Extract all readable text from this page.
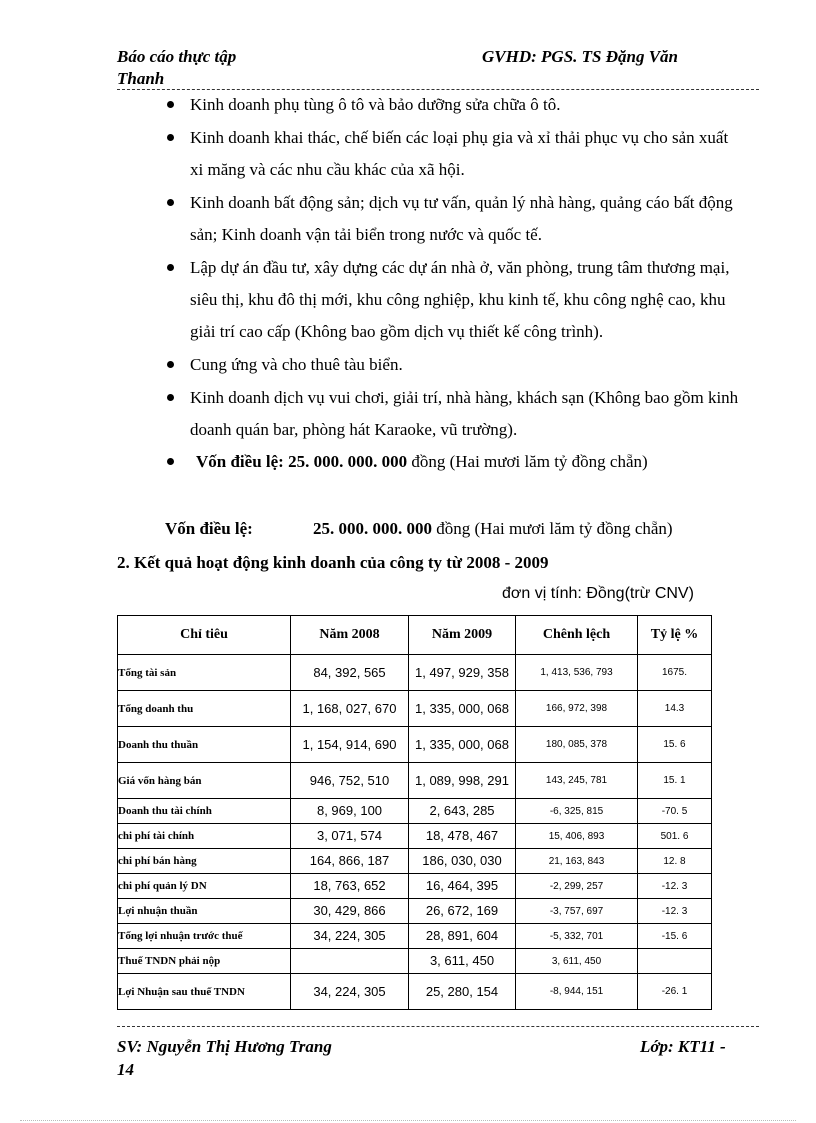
Báo cáo thực tập	GVHD: PGS. TS Đặng Văn
Thanh
Kinh doanh phụ tùng ô tô và bảo dưỡng sửa chữa ô tô.
Kinh doanh khai thác, chế biến các loại phụ gia và xỉ thải phục vụ cho sản xuất xi măng và các nhu cầu khác của xã hội.
Kinh doanh bất động sản; dịch vụ tư vấn, quản lý nhà hàng, quảng cáo bất động sản; Kinh doanh vận tải biển trong nước và quốc tế.
Lập dự án đầu tư, xây dựng các dự án nhà ở, văn phòng, trung tâm thương mại, siêu thị, khu đô thị mới, khu công nghiệp, khu kinh tế, khu công nghệ cao, khu giải trí cao cấp (Không bao gồm dịch vụ thiết kế công trình).
Cung ứng và cho thuê tàu biển.
Kinh doanh dịch vụ vui chơi, giải trí, nhà hàng, khách sạn (Không bao gồm kinh doanh quán bar, phòng hát Karaoke, vũ trường).
Vốn điều lệ: 25. 000. 000. 000 đồng (Hai mươi lăm tỷ đồng chẵn)
Vốn điều lệ:	25. 000. 000. 000 đồng (Hai mươi lăm tỷ đồng chẵn)
2. Kết quả hoạt động kinh doanh của công ty từ 2008 - 2009
đơn vị tính: Đồng(trừ CNV)
Chỉ tiêu	Năm 2008	Năm 2009	Chênh lệch	Tỷ lệ %
Tổng tài sản	84, 392, 565	1, 497, 929, 358	1, 413, 536, 793	1675.
Tổng doanh thu	1, 168, 027, 670	1, 335, 000, 068	166, 972, 398	14.3
Doanh thu thuần	1, 154, 914, 690	1, 335, 000, 068	180, 085, 378	15. 6
Giá vốn hàng bán	946, 752, 510	1, 089, 998, 291	143, 245, 781	15. 1
Doanh thu tài chính	8, 969, 100	2, 643, 285	-6, 325, 815	-70. 5
chi phí tài chính	3, 071, 574	18, 478, 467	15, 406, 893	501. 6
chi phí bán hàng	164, 866, 187	186, 030, 030	21, 163, 843	12. 8
chi phí quản lý DN	18, 763, 652	16, 464, 395	-2, 299, 257	-12. 3
Lợi nhuận thuần	30, 429, 866	26, 672, 169	-3, 757, 697	-12. 3
Tổng lợi nhuận trước thuế	34, 224, 305	28, 891, 604	-5, 332, 701	-15. 6
Thuế TNDN phải nộp		3, 611, 450	3, 611, 450	
Lợi Nhuận sau thuế TNDN	34, 224, 305	25, 280, 154	-8, 944, 151	-26. 1
SV: Nguyễn Thị Hương Trang	Lớp: KT11 -
14
